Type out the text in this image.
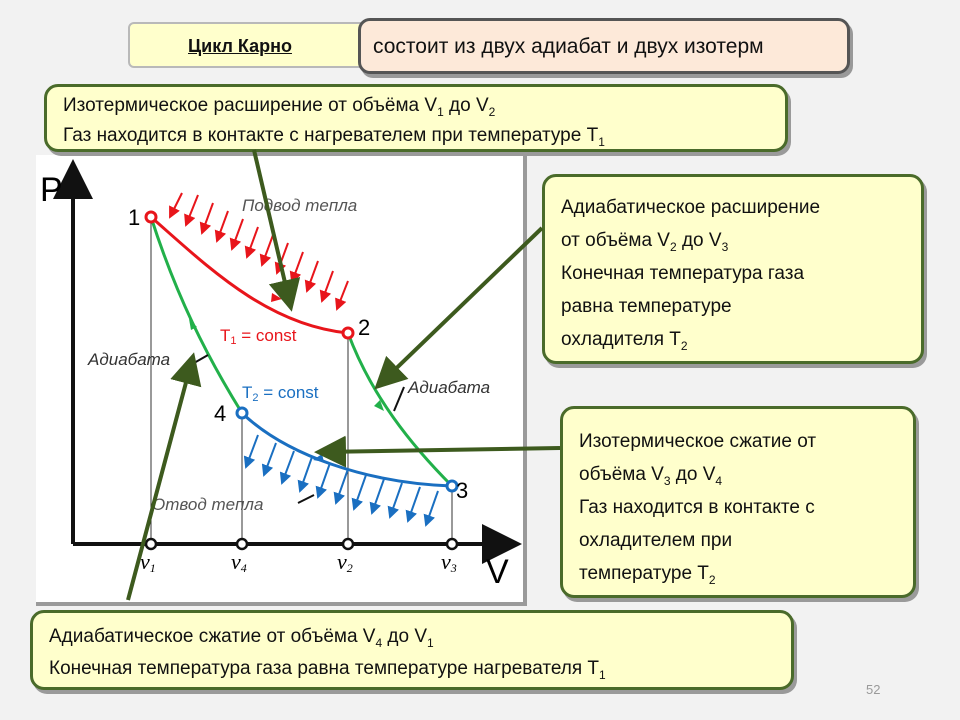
Цикл Карно	состоит из двух адиабат и двух изотерм
P
V
1
2
3
4
Подвод тепла
Отвод тепла
T1 = const
T2 = const
Адиабата
Адиабата
v1	v4	v2	v3

Изотермическое расширение от объёма $V_1$ до $V_2$

Газ находится в контакте с нагревателем при температуре $T_1$

Адиабатическое расширение

от объёма $V_2$ до $V_3$

Конечная температура газа

равна температуре

охладителя $T_2$

Изотермическое сжатие от

объёма $V_3$ до $V_4$

Газ находится в контакте с

охладителем при

температуре $T_2$

Адиабатическое сжатие от объёма $V_4$ до $V_1$

Конечная температура газа равна температуре нагревателя $T_1$

52
